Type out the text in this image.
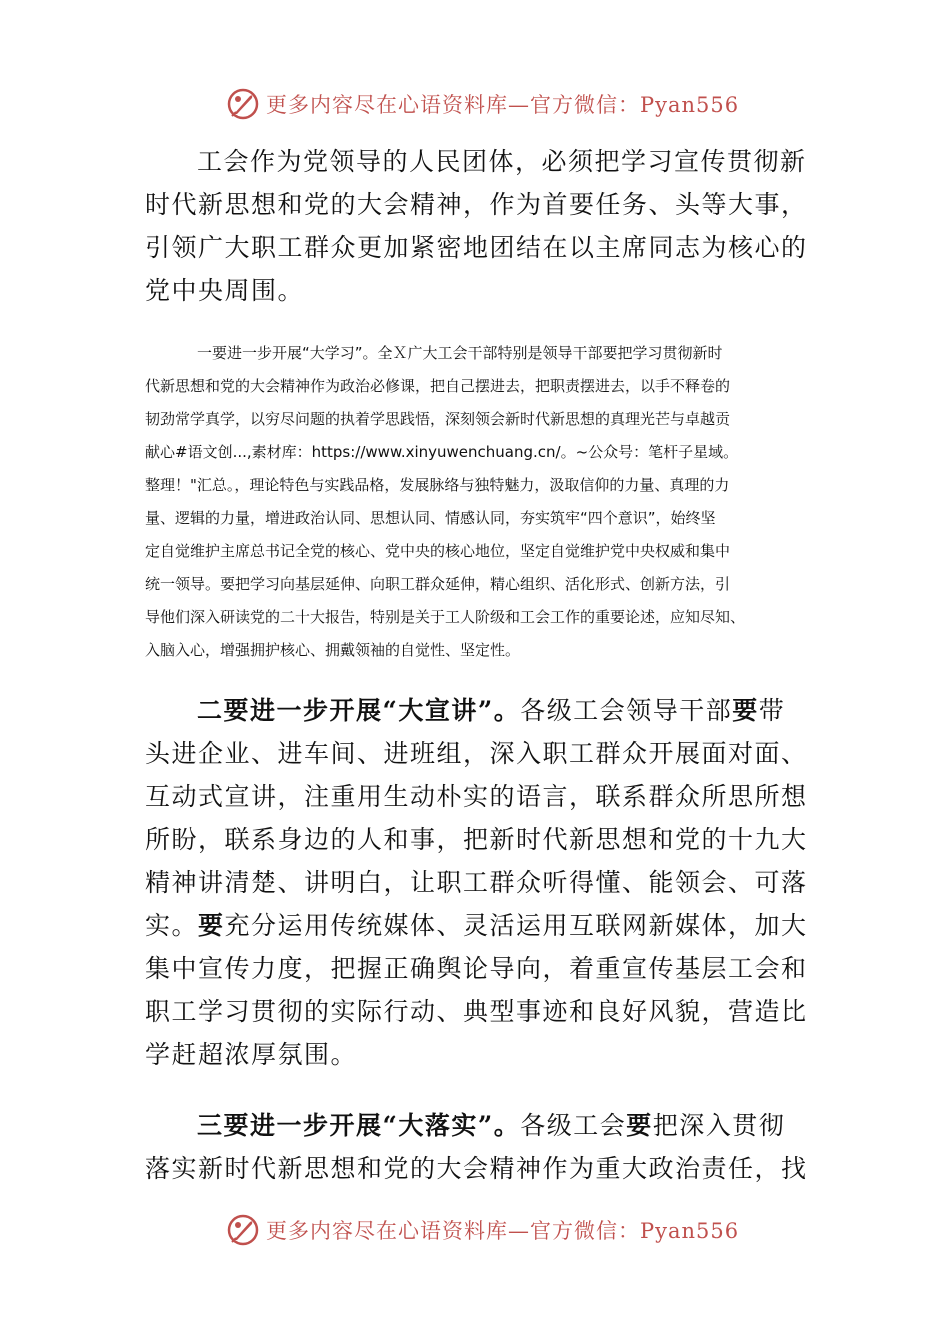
更多内容尽在心语资料库—官方微信：Pyan556
工会作为党领导的人民团体，必须把学习宣传贯彻新
时代新思想和党的大会精神，作为首要任务、头等大事，
引领广大职工群众更加紧密地团结在以主席同志为核心的
党中央周围。
一要进一步开展“大学习”。全Ｘ广大工会干部特别是领导干部要把学习贯彻新时
代新思想和党的大会精神作为政治必修课，把自己摆进去，把职责摆进去，以手不释卷的
韧劲常学真学，以穷尽问题的执着学思践悟，深刻领会新时代新思想的真理光芒与卓越贡
献心#语文创...,素材库：https://www.xinyuwenchuang.cn/。~公众号：笔杆子星域。
整理！"汇总。，理论特色与实践品格，发展脉络与独特魅力，汲取信仰的力量、真理的力
量、逻辑的力量，增进政治认同、思想认同、情感认同，夯实筑牢“四个意识”，始终坚
定自觉维护主席总书记全党的核心、党中央的核心地位，坚定自觉维护党中央权威和集中
统一领导。要把学习向基层延伸、向职工群众延伸，精心组织、活化形式、创新方法，引
导他们深入研读党的二十大报告，特别是关于工人阶级和工会工作的重要论述，应知尽知、
入脑入心，增强拥护核心、拥戴领袖的自觉性、坚定性。
二要进一步开展“大宣讲”。各级工会领导干部要带
头进企业、进车间、进班组，深入职工群众开展面对面、
互动式宣讲，注重用生动朴实的语言，联系群众所思所想
所盼，联系身边的人和事，把新时代新思想和党的十九大
精神讲清楚、讲明白，让职工群众听得懂、能领会、可落
实。要充分运用传统媒体、灵活运用互联网新媒体，加大
集中宣传力度，把握正确舆论导向，着重宣传基层工会和
职工学习贯彻的实际行动、典型事迹和良好风貌，营造比
学赶超浓厚氛围。
三要进一步开展“大落实”。各级工会要把深入贯彻
落实新时代新思想和党的大会精神作为重大政治责任，找
更多内容尽在心语资料库—官方微信：Pyan556
